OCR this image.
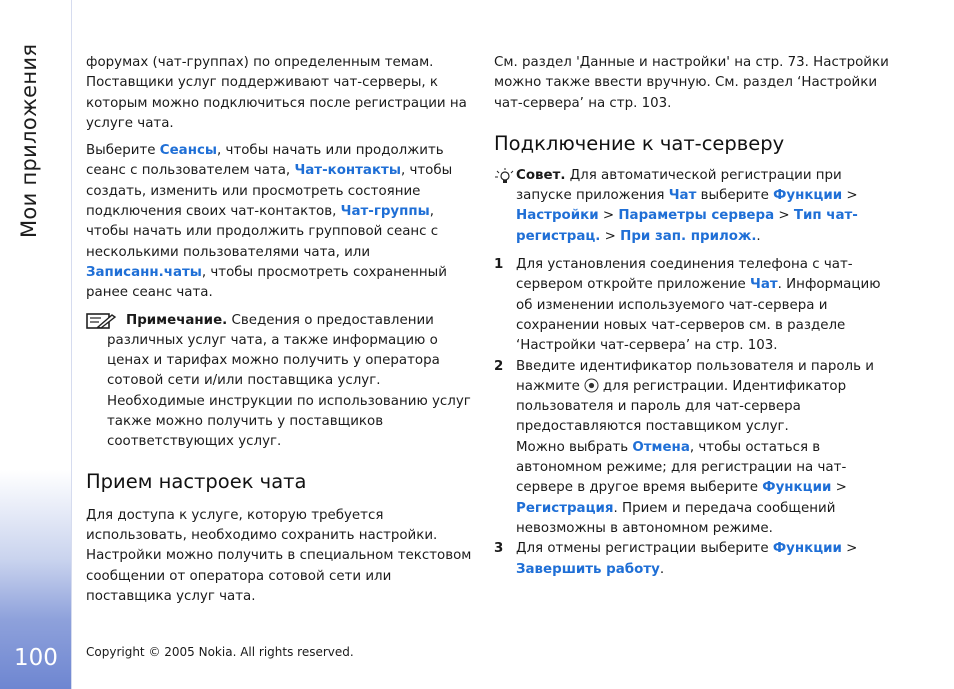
Мои приложения
100

форумах (чат-группах) по определенным темам. Поставщики услуг поддерживают чат-серверы, к которым можно подключиться после регистрации на услуге чата.

Выберите Сеансы, чтобы начать или продолжить сеанс с пользователем чата, Чат-контакты, чтобы создать, изменить или просмотреть состояние подключения своих чат-контактов, Чат-группы, чтобы начать или продолжить групповой сеанс с несколькими пользователями чата, или Записанн.чаты, чтобы просмотреть сохраненный ранее сеанс чата.

Примечание. Сведения о предоставлении различных услуг чата, а также информацию о ценах и тарифах можно получить у оператора сотовой сети и/или поставщика услуг. Необходимые инструкции по использованию услуг также можно получить у поставщиков соответствующих услуг.

Прием настроек чата

Для доступа к услуге, которую требуется использовать, необходимо сохранить настройки. Настройки можно получить в специальном текстовом сообщении от оператора сотовой сети или поставщика услуг чата.

См. раздел 'Данные и настройки' на стр. 73. Настройки можно также ввести вручную. См. раздел ‘Настройки чат-сервера’ на стр. 103.

Подключение к чат-серверу

Совет. Для автоматической регистрации при запуске приложения Чат выберите Функции > Настройки > Параметры сервера > Тип чат-регистрац. > При зап. прилож..

1 Для установления соединения телефона с чат-сервером откройте приложение Чат. Информацию об изменении используемого чат-сервера и сохранении новых чат-серверов см. в разделе ‘Настройки чат-сервера’ на стр. 103.
2 Введите идентификатор пользователя и пароль и нажмите для регистрации. Идентификатор пользователя и пароль для чат-сервера предоставляются поставщиком услуг.
Можно выбрать Отмена, чтобы остаться в автономном режиме; для регистрации на чат-сервере в другое время выберите Функции > Регистрация. Прием и передача сообщений невозможны в автономном режиме.
3 Для отмены регистрации выберите Функции > Завершить работу.
Copyright © 2005 Nokia. All rights reserved.
